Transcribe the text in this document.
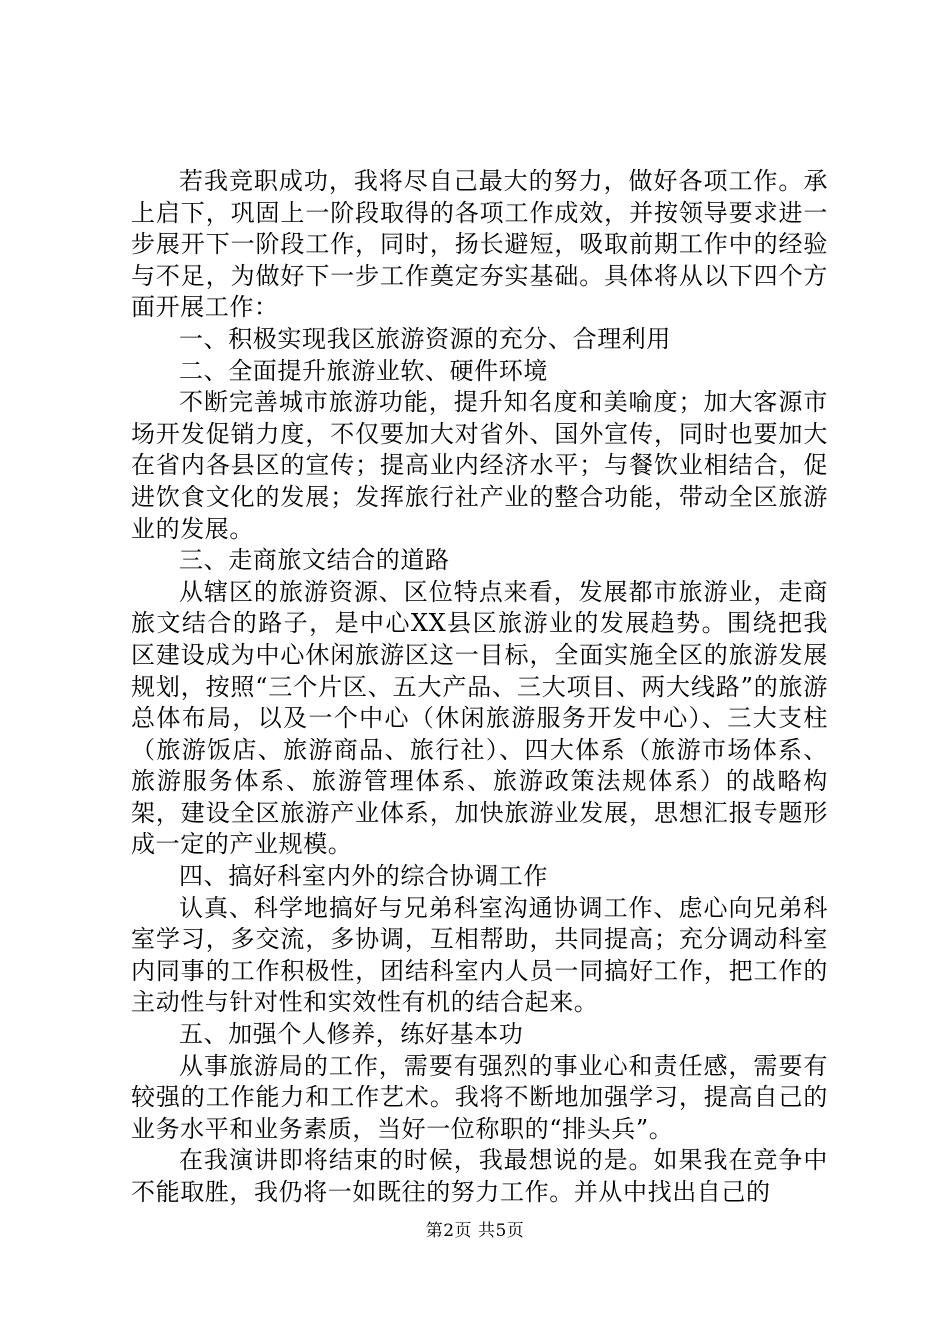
若我竞职成功，我将尽自己最大的努力，做好各项工作。承上启下，巩固上一阶段取得的各项工作成效，并按领导要求进一步展开下一阶段工作，同时，扬长避短，吸取前期工作中的经验与不足，为做好下一步工作奠定夯实基础。具体将从以下四个方面开展工作：

一、积极实现我区旅游资源的充分、合理利用

二、全面提升旅游业软、硬件环境

不断完善城市旅游功能，提升知名度和美喻度；加大客源市场开发促销力度，不仅要加大对省外、国外宣传，同时也要加大在省内各县区的宣传；提高业内经济水平；与餐饮业相结合，促进饮食文化的发展；发挥旅行社产业的整合功能，带动全区旅游业的发展。

三、走商旅文结合的道路

从辖区的旅游资源、区位特点来看，发展都市旅游业，走商旅文结合的路子，是中心XX县区旅游业的发展趋势。围绕把我区建设成为中心休闲旅游区这一目标，全面实施全区的旅游发展规划，按照“三个片区、五大产品、三大项目、两大线路”的旅游总体布局，以及一个中心（休闲旅游服务开发中心）、三大支柱（旅游饭店、旅游商品、旅行社）、四大体系（旅游市场体系、旅游服务体系、旅游管理体系、旅游政策法规体系）的战略构架，建设全区旅游产业体系，加快旅游业发展，思想汇报专题形成一定的产业规模。

四、搞好科室内外的综合协调工作

认真、科学地搞好与兄弟科室沟通协调工作、虑心向兄弟科室学习，多交流，多协调，互相帮助，共同提高；充分调动科室内同事的工作积极性，团结科室内人员一同搞好工作，把工作的主动性与针对性和实效性有机的结合起来。

五、加强个人修养，练好基本功

从事旅游局的工作，需要有强烈的事业心和责任感，需要有较强的工作能力和工作艺术。我将不断地加强学习，提高自己的业务水平和业务素质，当好一位称职的“排头兵”。

在我演讲即将结束的时候，我最想说的是。如果我在竞争中不能取胜，我仍将一如既往的努力工作。并从中找出自己的

第2页 共5页
